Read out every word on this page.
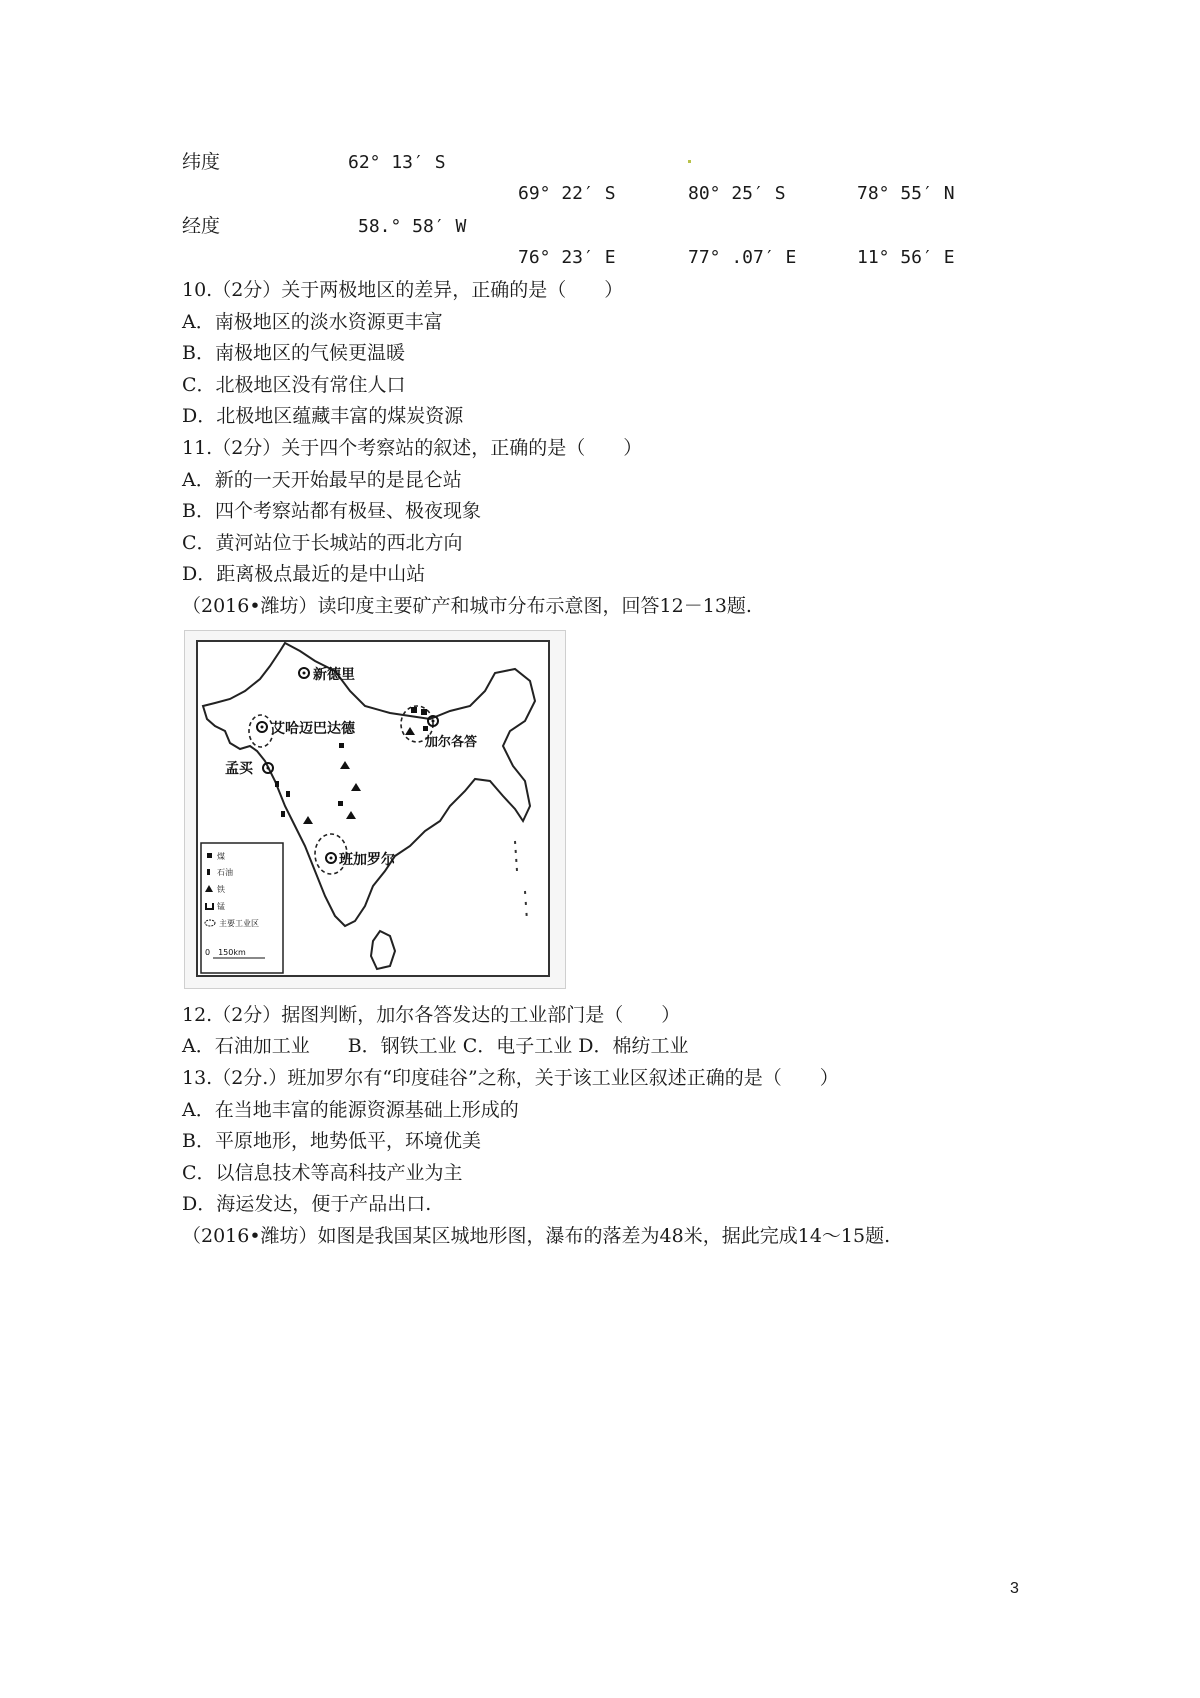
纬度	62° 13′ S
69° 22′ S	80° 25′ S	78° 55′ N
经度	58.° 58′ W
76° 23′ E	77° .07′ E	11° 56′ E
10.（2分）关于两极地区的差异，正确的是（　　）
A．南极地区的淡水资源更丰富
B．南极地区的气候更温暖
C．北极地区没有常住人口
D．北极地区蕴藏丰富的煤炭资源
11.（2分）关于四个考察站的叙述，正确的是（　　）
A．新的一天开始最早的是昆仑站
B．四个考察站都有极昼、极夜现象
C．黄河站位于长城站的西北方向
D．距离极点最近的是中山站
（2016•潍坊）读印度主要矿产和城市分布示意图，回答12－13题.
新德里
艾哈迈巴达德
加尔各答
孟买
班加罗尔
煤
石油
铁
锰
主要工业区
0　150km
12.（2分）据图判断，加尔各答发达的工业部门是（　　）
A．石油加工业　　B．钢铁工业 C．电子工业 D．棉纺工业
13.（2分.）班加罗尔有“印度硅谷”之称，关于该工业区叙述正确的是（　　）
A．在当地丰富的能源资源基础上形成的
B．平原地形，地势低平，环境优美
C．以信息技术等高科技产业为主
D．海运发达，便于产品出口.
（2016•潍坊）如图是我国某区城地形图，瀑布的落差为48米，据此完成14～15题.
3
